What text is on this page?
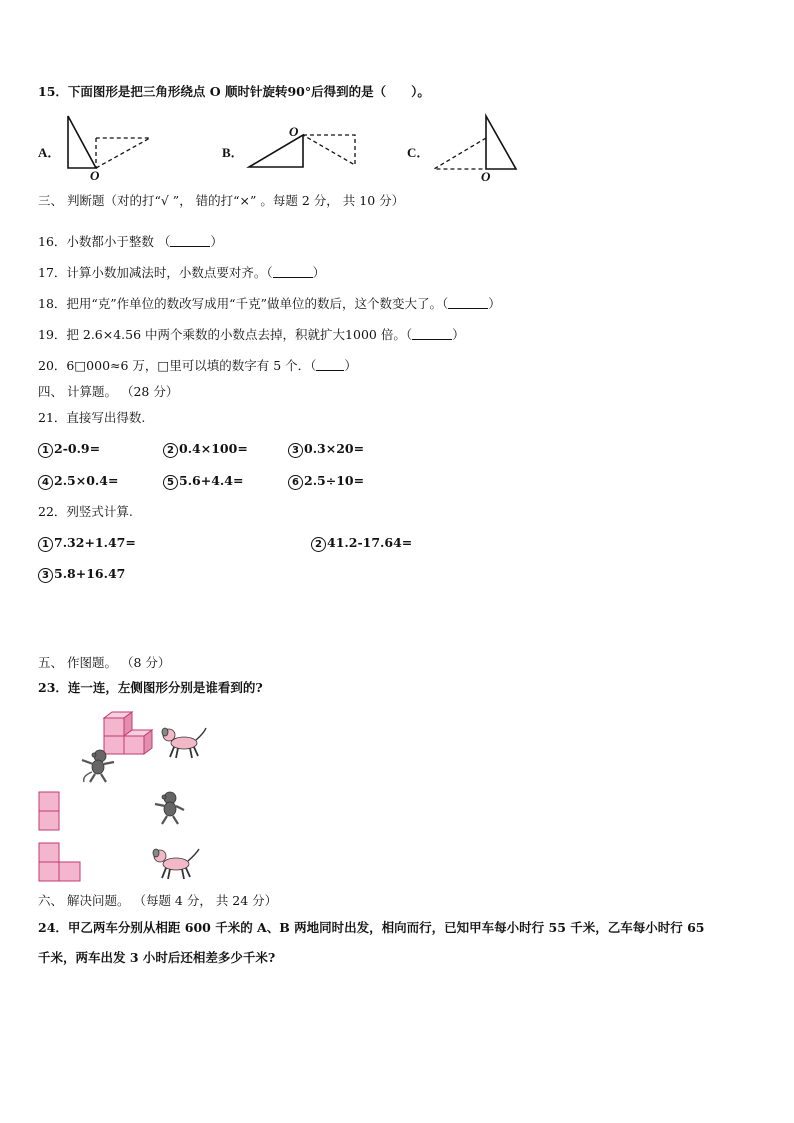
15．下面图形是把三角形绕点 O 顺时针旋转90°后得到的是（　　）。
A．
O
B．
O
C．
O
三、 判断题（对的打“√ ”， 错的打“×” 。每题 2 分， 共 10 分）
16．小数都小于整数 （	）
17．计算小数加减法时，小数点要对齐。（	）
18．把用“克”作单位的数改写成用“千克”做单位的数后，这个数变大了。（	）
19．把 2.6×4.56 中两个乘数的小数点去掉，积就扩大1000 倍。（	）
20．6□000≈6 万，□里可以填的数字有 5 个．（ ）
四、 计算题。 （28 分）
21．直接写出得数.
1 2-0.9=	2 0.4×100=	3 0.3×20=
4 2.5×0.4=	5 5.6+4.4=	6 2.5÷10=
22．列竖式计算.
1 7.32+1.47=	2 41.2-17.64=
3 5.8+16.47
五、 作图题。 （8 分）
23．连一连，左侧图形分别是谁看到的?
六、 解决问题。 （每题 4 分， 共 24 分）
24．甲乙两车分别从相距 600 千米的 A、B 两地同时出发，相向而行，已知甲车每小时行 55 千米，乙车每小时行 65
千米，两车出发 3 小时后还相差多少千米?
